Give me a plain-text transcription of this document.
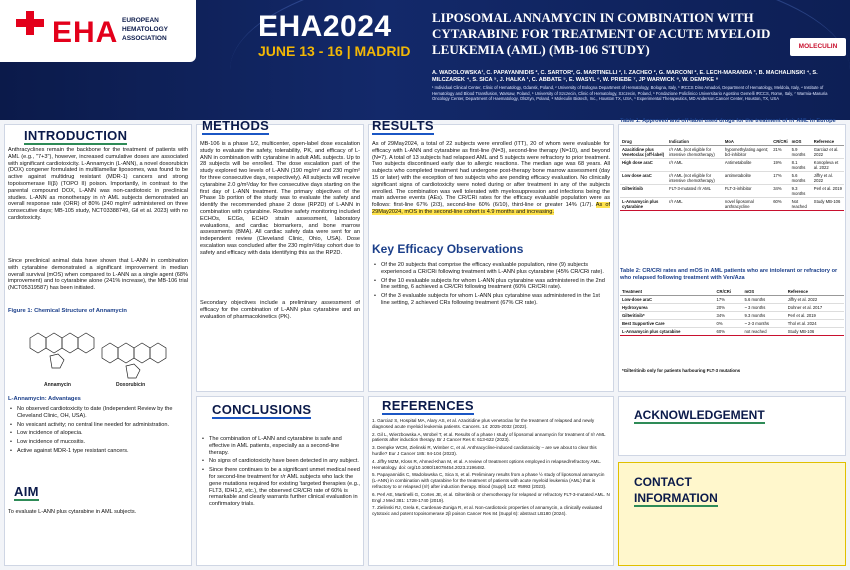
EHA EUROPEAN
HEMATOLOGY
ASSOCIATION	EHA2024
JUNE 13 - 16 | MADRID
LIPOSOMAL ANNAMYCIN IN COMBINATION WITH CYTARABINE FOR TREATMENT OF ACUTE MYELOID LEUKEMIA (AML) (MB-106 STUDY)	MOLECULIN
A. WADOLOWSKA¹, C. PAPAYANNIDIS ², C. SARTOR², G. MARTINELLI ², I. ZACHEO ², G. MARCONI ², E. LECH-MARANDA ³, B. MACHALINSKI ⁴, S. MILCZAREK ⁴, S. SICA ⁵, J. HALKA ¹, C. ABBATE ⁵, E. WASYL ⁶, W. PRIEBE ⁷, JP WARWICK ⁸, W. DEMPKE ⁸
¹ Individual Clinical Center, Clinic of Hematology, Gdansk, Poland, ² University of Bologna Department of Hematology, Bologna, Italy, ³ IRCCS Dino Amadori, Department of Hematology, Meldola, Italy, ⁴ Institute of Hematology and Blood Transfusion, Warsaw, Poland, ⁵ University of Szczecin, Clinic of Hematology, Szczecin, Poland, ⁶ Fondazione Policlinico Universitario Agostino Gemelli IRCCS, Rome, Italy, ⁷ Warmia-Masuria Oncology Center, Department of Haematology, Olsztyn, Poland, ⁸ Moleculin Biotech, Inc., Houston TX, USA, ⁹ Experimental Therapeutics, MD Anderson Cancer Center, Houston, TX, USA
INTRODUCTION
Anthracyclines remain the backbone for the treatment of patients with AML (e.g., "7+3"), however, increased cumulative doses are associated with significant cardiotoxicity. L-Annamycin (L-ANN), a novel doxorubicin (DOX) congener formulated in multilamellar liposomes, was found to be active against multidrug resistant (MDR-1) cancers and strong topoisomerase II(β) (TOPO II) poison. Importantly, in contrast to the parental compound DOX, L-ANN was non-cardiotoxic in preclinical studies. L-ANN as monotherapy in r/r AML subjects demonstrated an overall response rate (ORR) of 80% (240 mg/m² administered on three consecutive days; MB-105 study, NCT03388749, Gil et al. 2023) with no cardiotoxicity.
Since preclinical animal data have shown that L-ANN in combination with cytarabine demonstrated a significant improvement in median overall survival (mOS) when compared to L-ANN as a single agent (68% improvement) and to cytarabine alone (241% increase), the MB-106 trial (NCT05319587) has been initiated.
Figure 1: Chemical Structure of Annamycin
Annamycin	Doxorubicin
L-Annamycin: Advantages
• No observed cardiotoxicity to date (Independent Review by the Cleveland Clinic, OH, USA).
• No vesicant activity; no central line needed for administration.
• Low incidence of alopecia.
• Low incidence of mucositis.
• Active against MDR-1 type resistant cancers.
AIM
To evaluate L-ANN plus cytarabine in AML subjects.
METHODS
MB-106 is a phase 1/2, multicenter, open-label dose escalation study to evaluate the safety, tolerability, PK, and efficacy of L-ANN in combination with cytarabine in adult AML subjects. Up to 28 subjects will be enrolled. The dose escalation part of the study explored two levels of L-ANN (190 mg/m² and 230 mg/m² for three consecutive days, respectively). All subjects will receive cytarabine 2.0 g/m²/day for five consecutive days starting on the first day of L-ANN treatment. The primary objectives of the Phase 1b portion of the study was to evaluate the safety and identify the recommended phase 2 dose (RP2D) of L-ANN in combination with cytarabine. Routine safety monitoring included ECHOs, ECGs, ECHO strain assessment, laboratory evaluations, and cardiac biomarkers, and bone marrow assessments (BMA). All cardiac safety data were sent for an independent review (Cleveland Clinic, Ohio, USA). Dose escalation was concluded after the 230 mg/m²/day cohort due to safety and efficacy with data identifying this as the RP2D.
Secondary objectives include a preliminary assessment of efficacy for the combination of L-ANN plus cytarabine and an evaluation of pharmacokinetics (PK).
RESULTS
As of 29May2024, a total of 22 subjects were enrolled (ITT), 20 of whom were evaluable for efficacy with L-ANN and cytarabine as first-line (N=3), second-line therapy (N=10), and beyond (N=7). A total of 13 subjects had relapsed AML and 5 subjects were refractory to prior treatment. Two subjects discontinued early due to allergic reactions. The median age was 68 years. All subjects who completed treatment had undergone post-therapy bone marrow assessment (day 15 or later) with the exception of two subjects who are pending efficacy evaluation. No clinically significant signs of cardiotoxicity were noted during or after treatment in any of the subjects enrolled. The combination was well tolerated with myelosuppression and infections being the main adverse events (AEs). The CR/CRi rates for the efficacy evaluable population were as follows: first-line 67% (2/3), second-line 60% (6/10), third-line or greater 14% (1/7). As of 29May2024, mOS in the second-line cohort is 4.9 months and increasing.
Key Efficacy Observations
• Of the 20 subjects that comprise the efficacy evaluable population, nine (9) subjects experienced a CR/CRi following treatment with L-ANN plus cytarabine (45% CR/CRi rate).
• Of the 10 evaluable subjects for whom L-ANN plus cytarabine was administered in the 2nd line setting, 6 achieved a CR/CRi following treatment (60% CR/CRi rate).
• Of the 3 evaluable subjects for whom L-ANN plus cytarabine was administered in the 1st line setting, 2 achieved CRs following treatment (67% CR rate).
Table 1: Approved and off-label used drugs for the treatment of r/r AML in Europe
Drug	Indication	MoA	CR/CRi	mOS	Reference
Azacitidine plus Venetoclax (off-label)	r/r AML (not eligible for intensive chemotherapy)	hypomethylating agent; bcl-inhibitor	21%	5.9 months	Garciaz et al. 2022
High dose araC	r/r AML	Antimetabolite	19%	8.1 months	Konopleva et al. 2022
Low dose araC	r/r AML (not eligible for intensive chemotherapy)	antimetabolite	17%	5.6 months	Jiffry et al. 2022
Gilteritinib	FLT-3-mutated r/r AML	FLT-3-inhibitor	34%	9.3 months	Perl et al. 2019
L-Annamycin plus cytarabine	r/r AML	novel liposomal anthracycline	60%	Not reached	Study MB-106
Table 2: CR/CRi rates and mOS in AML patients who are intolerant or refractory or who relapsed following treatment with Ven/Aza
Treatment	CR/CRi	mOS	Reference
Low-dose araC	17%	5.6 months	Jiffry et al. 2022
Hydroxyurea	20%	~ 3 months	Dohner et al. 2017
Gilteritinib*	34%	9.3 months	Perl et al. 2019
Best Supportive Care	0%	~ 2-3 months	Thol et al. 2024
L-Annamycin plus cytarabine	60%	not reached	Study MB-106
*Gilteritinib only for patients harbouring FLT-3 mutations
CONCLUSIONS
• The combination of L-ANN and cytarabine is safe and effective in AML patients, especially as a second-line therapy.
• No signs of cardiotoxicity have been detected in any subject.
• Since there continues to be a significant unmet medical need for second-line treatment for r/r AML subjects who lack the gene mutations required for existing 'targeted therapies (e.g., FLT3, IDH1,2, etc.), the observed CR/CRi rate of 60% is remarkable and clearly warrants further clinical evaluation in confirmatory trials.
REFERENCES
1. Garciaz S, Hospital MA, Alary AS, et al. Azacitidine plus venetoclax for the treatment of relapsed and newly diagnosed acute myeloid leukemia patients. Cancers. 14: 2025-2032 (2022).
2. Gil L, Wierzbowska A, Wrobel T, et al. Results of a phase I study of liposomal annamycin for treatment of r/r AML patients after induction therapy. Br J Cancer Res 6: 613-622 (2023).
3. Dempke WCM, Zielinski R, Wimber C, et al. Anthracycline-induced cardiotoxicity – are we about to clear this hurdle? Eur J Cancer 185: 94-104 (2023).
4. Jiffry MZM, Kloss R, Ahmed-Khan M, et al. A review of treatment options employed in relapsed/refractory AML. Hematology. doi: org/10.1080/16078454.2023.2196482.
5. Papayannidis C, Wadolowska C, Sica S, et al. Preliminary results from a phase ½ study of liposomal annamycin (L-ANN) in combination with cytarabine for the treatment of patients with acute myeloid leukemia (AML) that is refractory to or relapsed (r/r) after induction therapy. Blood (Suppl) 142: #5993 (2023).
6. Perl AE, Martinelli G, Cortes JE, et al. Gilteritinib or chemotherapy for relapsed or refractory FLT-3-mutated AML. N Engl J Med 381: 1728-1740 (2019).
7. Zielinski RJ, Grela K, Cardenas-Zuniga R, et al. Non-cardiotoxic properties of annamycin, a clinically evaluated cytotoxic and potent topoisomerase 2β poison Cancer Res 84 (Suppl 6): abstract LB180 (2024).
ACKNOWLEDGEMENT
CONTACT
INFORMATION
